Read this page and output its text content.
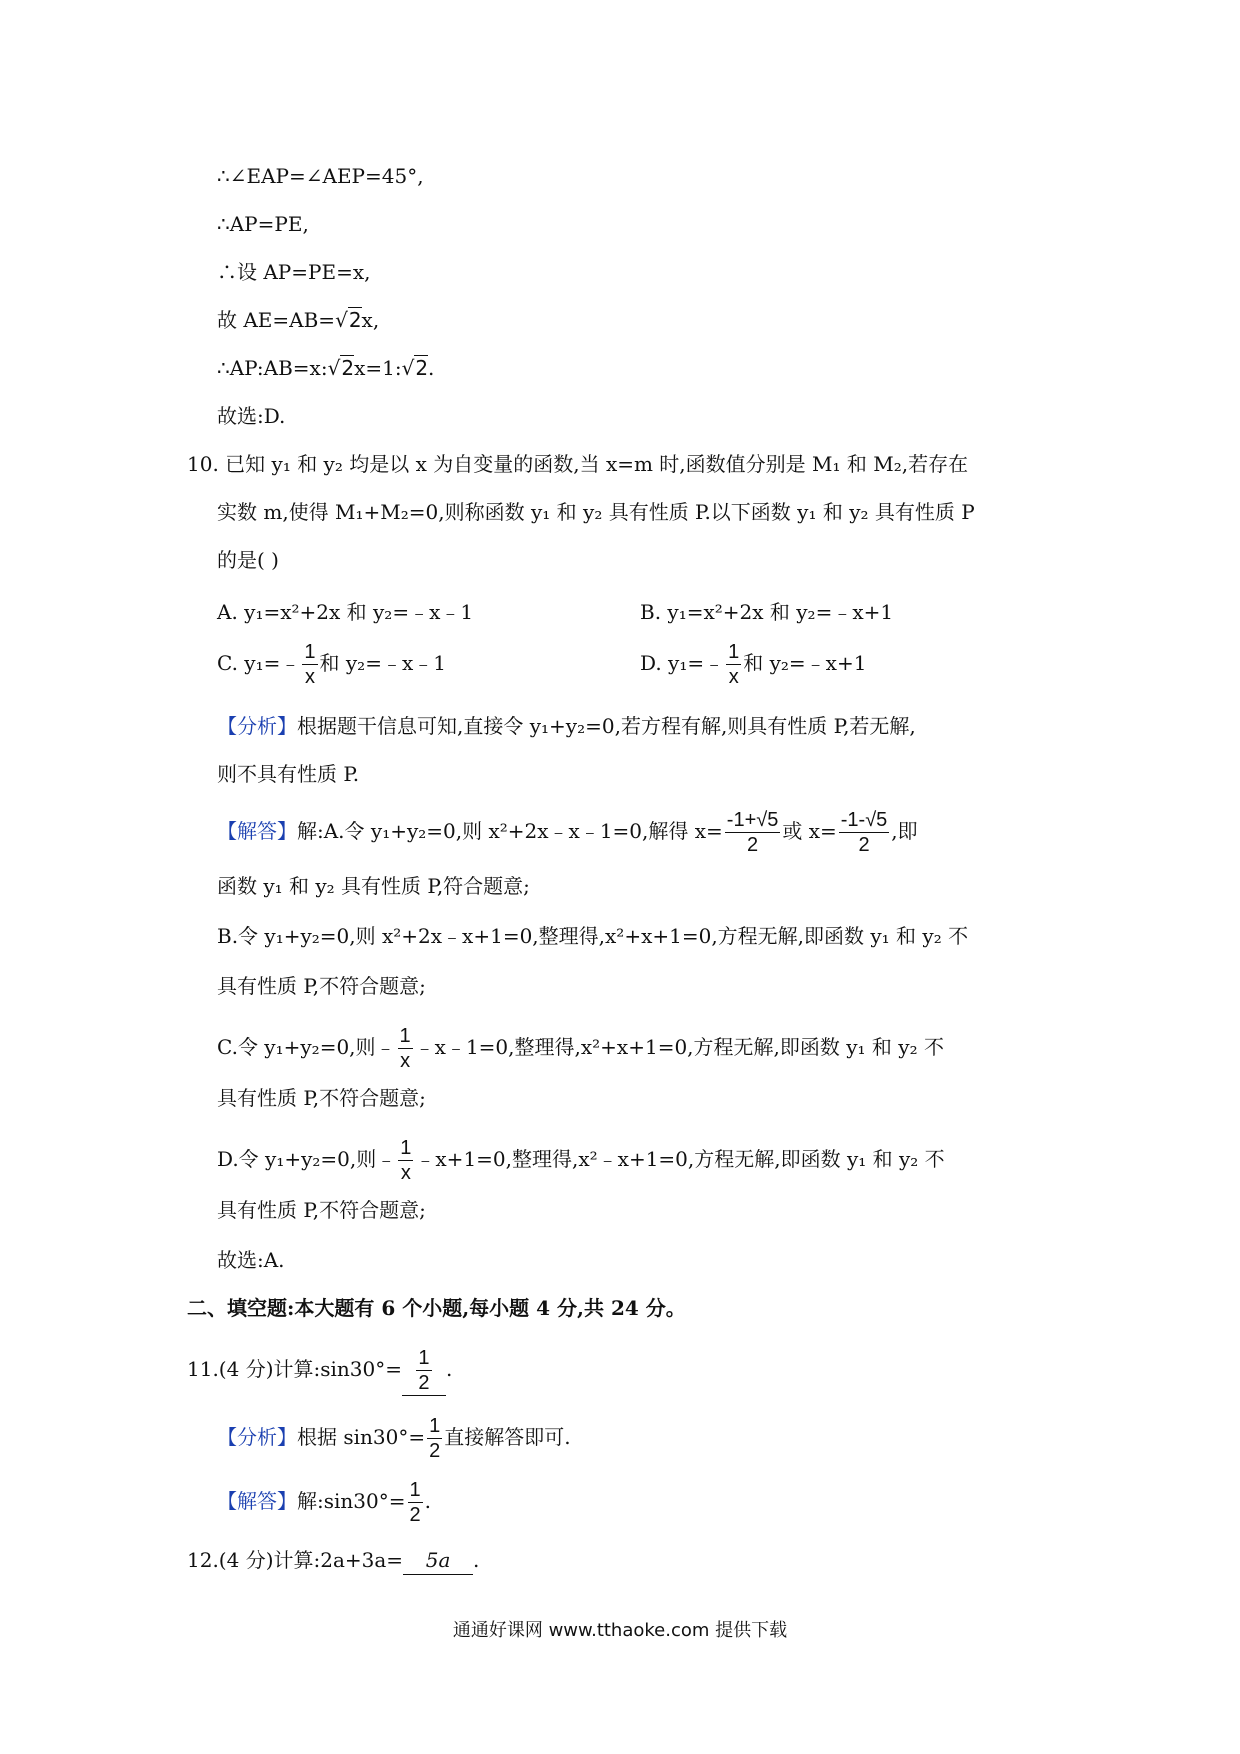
∴∠EAP=∠AEP=45°,
∴AP=PE,
∴设 AP=PE=x,
故 AE=AB=√2x,
∴AP:AB=x:√2x=1:√2.
故选:D.
10. 已知 y₁ 和 y₂ 均是以 x 为自变量的函数,当 x=m 时,函数值分别是 M₁ 和 M₂,若存在
实数 m,使得 M₁+M₂=0,则称函数 y₁ 和 y₂ 具有性质 P.以下函数 y₁ 和 y₂ 具有性质 P
的是( )
A. y₁=x²+2x 和 y₂=﹣x﹣1	B. y₁=x²+2x 和 y₂=﹣x+1
C. y₁=﹣ $\frac{1}{x}$ 和 y₂=﹣x﹣1	D. y₁=﹣ $\frac{1}{x}$ 和 y₂=﹣x+1
【分析】根据题干信息可知,直接令 y₁+y₂=0,若方程有解,则具有性质 P,若无解,
则不具有性质 P.
【解答】解:A.令 y₁+y₂=0,则 x²+2x﹣x﹣1=0,解得 $x= \frac{-1+√5}{2}$ 或 $x= \frac{-1-√5}{2}$ ,即
函数 y₁ 和 y₂ 具有性质 P,符合题意;
B.令 y₁+y₂=0,则 x²+2x﹣x+1=0,整理得,x²+x+1=0,方程无解,即函数 y₁ 和 y₂ 不
具有性质 P,不符合题意;
C.令 y₁+y₂=0,则﹣ $\frac{1}{x}$ ﹣x﹣1=0,整理得,x²+x+1=0,方程无解,即函数 y₁ 和 y₂ 不
具有性质 P,不符合题意;
D.令 y₁+y₂=0,则﹣ $\frac{1}{x}$ ﹣x+1=0,整理得,x²﹣x+1=0,方程无解,即函数 y₁ 和 y₂ 不
具有性质 P,不符合题意;
故选:A.
二、填空题:本大题有 6 个小题,每小题 4 分,共 24 分。
11.(4 分)计算:sin30°= $\frac{1}{2}$ .
【分析】根据 $\sin 30^\circ= \frac{1}{2}$ 直接解答即可.
【解答】解:sin30°= $\frac{1}{2}$ .
12.(4 分)计算:2a+3a= 5a .
通通好课网 www.tthaoke.com 提供下载
